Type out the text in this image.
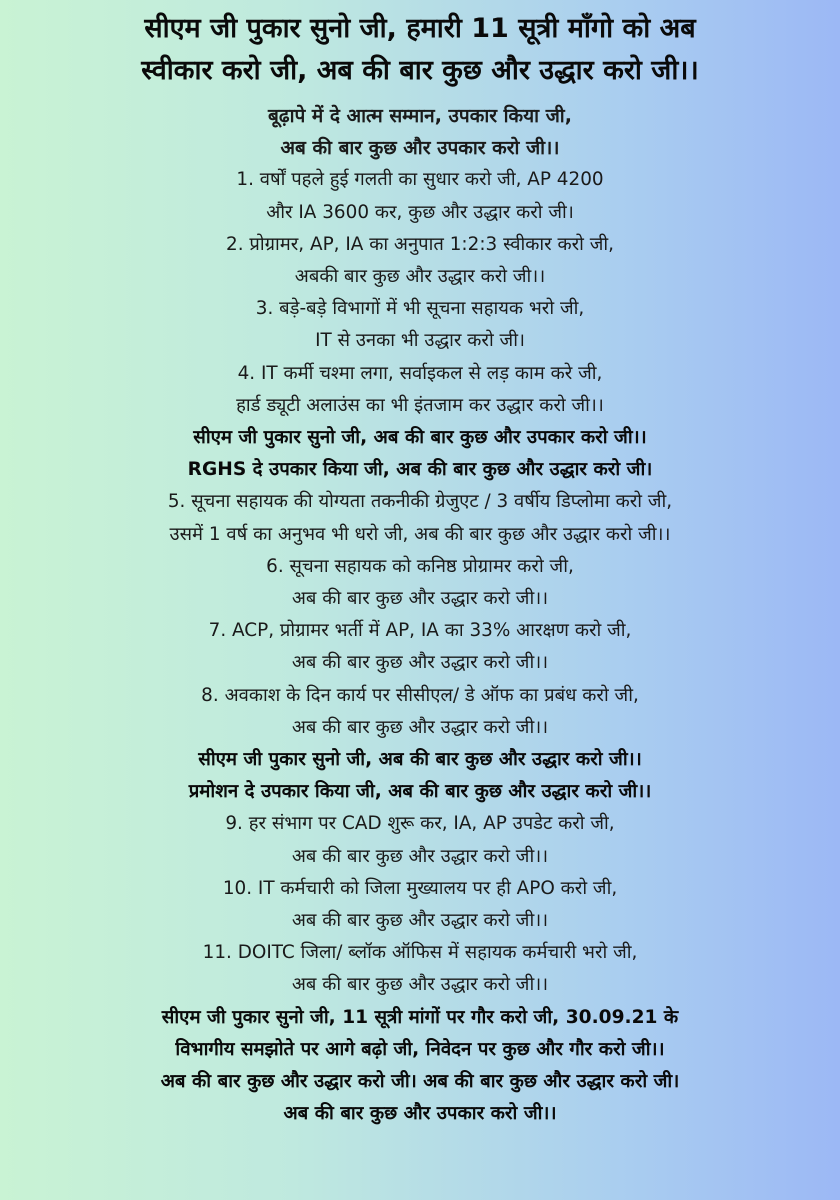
सीएम जी पुकार सुनो जी, हमारी 11 सूत्री माँगो को अब
स्वीकार करो जी, अब की बार कुछ और उद्धार करो जी।।
बूढ़ापे में दे आत्म सम्मान, उपकार किया जी,
अब की बार कुछ और उपकार करो जी।।
1. वर्षों पहले हुई गलती का सुधार करो जी, AP 4200
और IA 3600 कर, कुछ और उद्धार करो जी।
2. प्रोग्रामर, AP, IA का अनुपात 1:2:3 स्वीकार करो जी,
अबकी बार कुछ और उद्धार करो जी।।
3. बड़े-बड़े विभागों में भी सूचना सहायक भरो जी,
IT से उनका भी उद्धार करो जी।
4. IT कर्मी चश्मा लगा, सर्वाइकल से लड़ काम करे जी,
हार्ड ड्यूटी अलाउंस का भी इंतजाम कर उद्धार करो जी।।
सीएम जी पुकार सुनो जी, अब की बार कुछ और उपकार करो जी।।
RGHS दे उपकार किया जी, अब की बार कुछ और उद्धार करो जी।
5. सूचना सहायक की योग्यता तकनीकी ग्रेजुएट / 3 वर्षीय डिप्लोमा करो जी,
उसमें 1 वर्ष का अनुभव भी धरो जी, अब की बार कुछ और उद्धार करो जी।।
6. सूचना सहायक को कनिष्ठ प्रोग्रामर करो जी,
अब की बार कुछ और उद्धार करो जी।।
7. ACP, प्रोग्रामर भर्ती में AP, IA का 33% आरक्षण करो जी,
अब की बार कुछ और उद्धार करो जी।।
8. अवकाश के दिन कार्य पर सीसीएल/ डे ऑफ का प्रबंध करो जी,
अब की बार कुछ और उद्धार करो जी।।
सीएम जी पुकार सुनो जी, अब की बार कुछ और उद्धार करो जी।।
प्रमोशन दे उपकार किया जी, अब की बार कुछ और उद्धार करो जी।।
9. हर संभाग पर CAD शुरू कर, IA, AP उपडेट करो जी,
अब की बार कुछ और उद्धार करो जी।।
10. IT कर्मचारी को जिला मुख्यालय पर ही APO करो जी,
अब की बार कुछ और उद्धार करो जी।।
11. DOITC जिला/ ब्लॉक ऑफिस में सहायक कर्मचारी भरो जी,
अब की बार कुछ और उद्धार करो जी।।
सीएम जी पुकार सुनो जी, 11 सूत्री मांगों पर गौर करो जी, 30.09.21 के
विभागीय समझोते पर आगे बढ़ो जी, निवेदन पर कुछ और गौर करो जी।।
अब की बार कुछ और उद्धार करो जी। अब की बार कुछ और उद्धार करो जी।
अब की बार कुछ और उपकार करो जी।।
